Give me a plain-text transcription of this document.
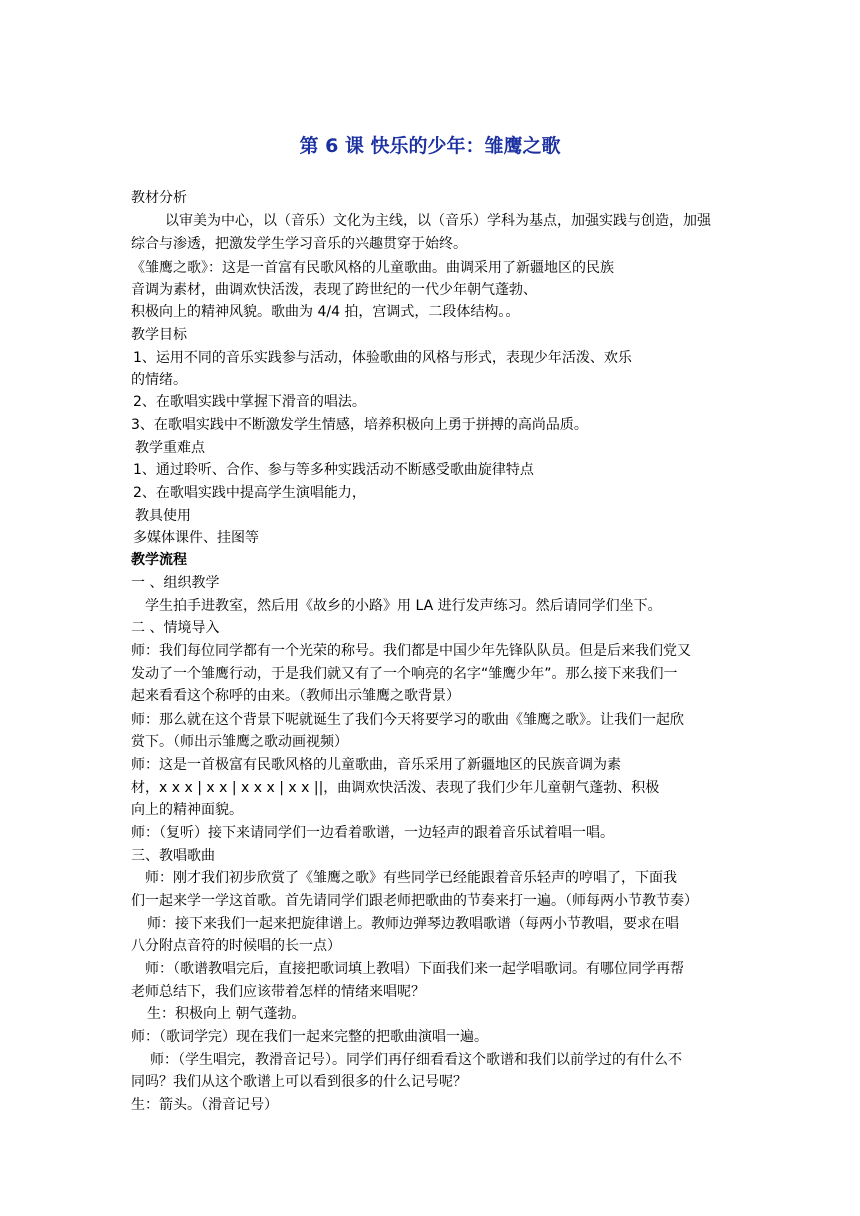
第 6 课 快乐的少年：雏鹰之歌
教材分析
以审美为中心，以（音乐）文化为主线，以（音乐）学科为基点，加强实践与创造，加强
综合与渗透，把激发学生学习音乐的兴趣贯穿于始终。
《雏鹰之歌》：这是一首富有民歌风格的儿童歌曲。曲调采用了新疆地区的民族
音调为素材，曲调欢快活泼，表现了跨世纪的一代少年朝气蓬勃、
积极向上的精神风貌。歌曲为 4/4 拍，宫调式，二段体结构。。
教学目标
1、运用不同的音乐实践参与活动，体验歌曲的风格与形式，表现少年活泼、欢乐
的情绪。
2、在歌唱实践中掌握下滑音的唱法。
3、在歌唱实践中不断激发学生情感，培养积极向上勇于拼搏的高尚品质。
教学重难点
1、通过聆听、合作、参与等多种实践活动不断感受歌曲旋律特点
2、在歌唱实践中提高学生演唱能力，
教具使用
多媒体课件、挂图等
教学流程
一 、组织教学
学生拍手进教室，然后用《故乡的小路》用 LA 进行发声练习。然后请同学们坐下。
二 、情境导入
师：我们每位同学都有一个光荣的称号。我们都是中国少年先锋队队员。但是后来我们党又
发动了一个雏鹰行动，于是我们就又有了一个响亮的名字“雏鹰少年”。那么接下来我们一
起来看看这个称呼的由来。（教师出示雏鹰之歌背景）
师：那么就在这个背景下呢就诞生了我们今天将要学习的歌曲《雏鹰之歌》。让我们一起欣
赏下。（师出示雏鹰之歌动画视频）
师：这是一首极富有民歌风格的儿童歌曲，音乐采用了新疆地区的民族音调为素
材，x x x | x x | x x x | x x ||，曲调欢快活泼、表现了我们少年儿童朝气蓬勃、积极
向上的精神面貌。
师：（复听）接下来请同学们一边看着歌谱，一边轻声的跟着音乐试着唱一唱。
三、教唱歌曲
师：刚才我们初步欣赏了《雏鹰之歌》有些同学已经能跟着音乐轻声的哼唱了，下面我
们一起来学一学这首歌。首先请同学们跟老师把歌曲的节奏来打一遍。（师每两小节教节奏）
师：接下来我们一起来把旋律谱上。教师边弹琴边教唱歌谱（每两小节教唱，要求在唱
八分附点音符的时候唱的长一点）
师：（歌谱教唱完后，直接把歌词填上教唱）下面我们来一起学唱歌词。有哪位同学再帮
老师总结下，我们应该带着怎样的情绪来唱呢？
生：积极向上 朝气蓬勃。
师：（歌词学完）现在我们一起来完整的把歌曲演唱一遍。
师：（学生唱完，教滑音记号）。同学们再仔细看看这个歌谱和我们以前学过的有什么不
同吗？我们从这个歌谱上可以看到很多的什么记号呢？
生：箭头。（滑音记号）
